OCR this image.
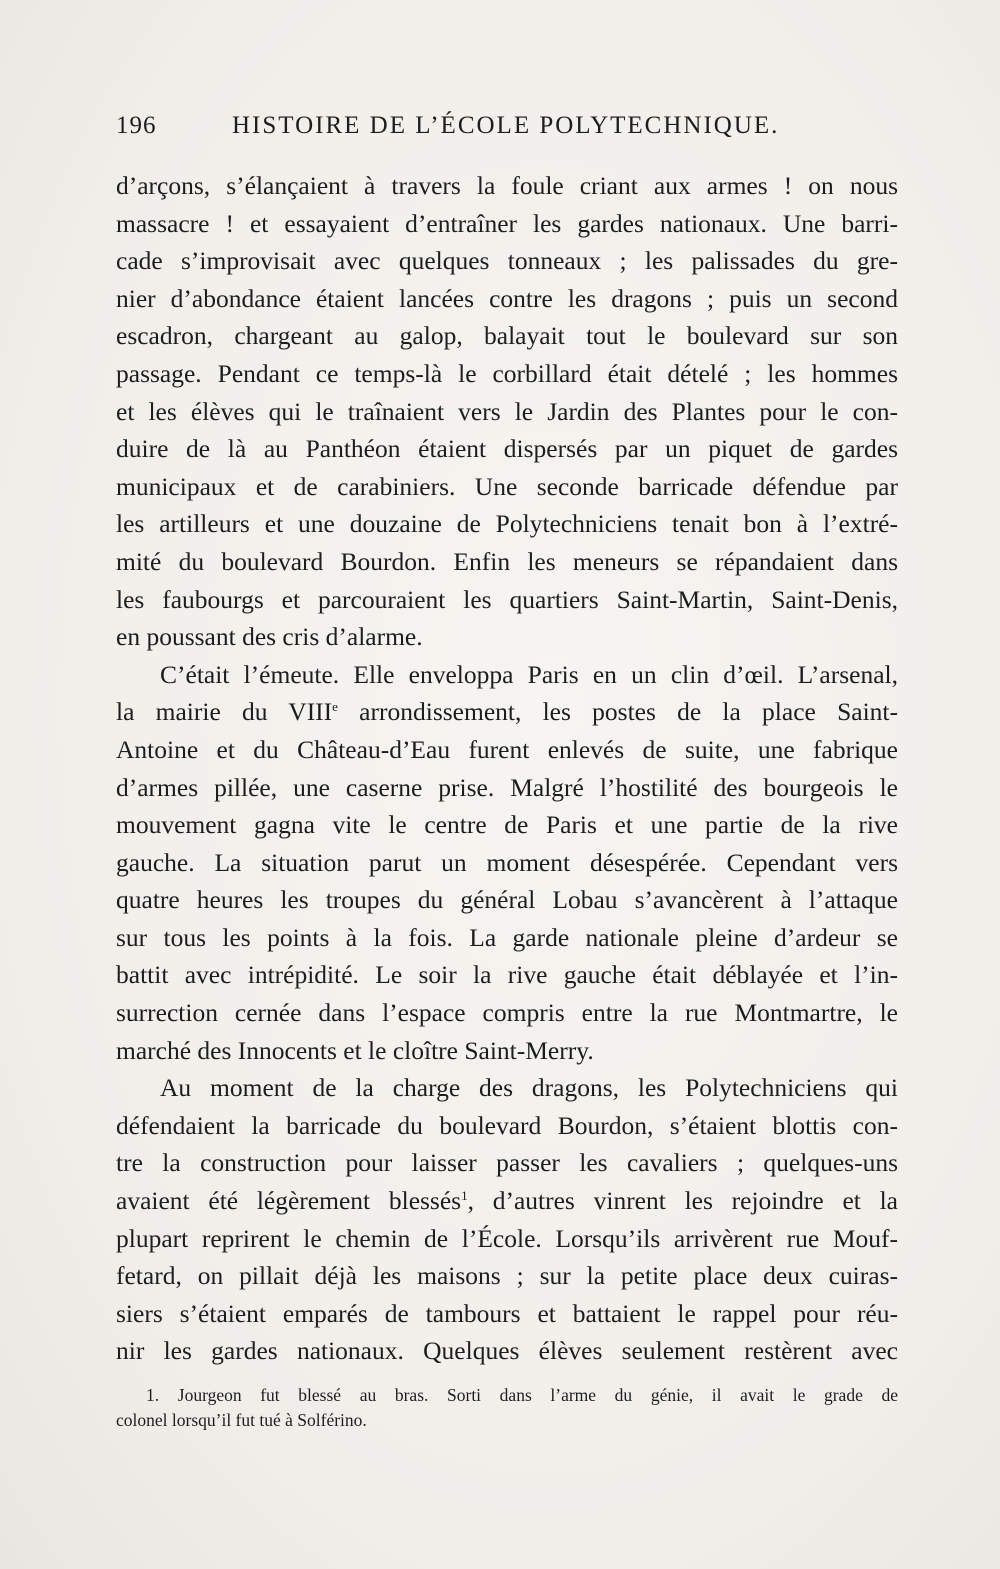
196	HISTOIRE DE L’ÉCOLE POLYTECHNIQUE.
d’arçons, s’élançaient à travers la foule criant aux armes ! on nous
massacre ! et essayaient d’entraîner les gardes nationaux. Une barri-
cade s’improvisait avec quelques tonneaux ; les palissades du gre-
nier d’abondance étaient lancées contre les dragons ; puis un second
escadron, chargeant au galop, balayait tout le boulevard sur son
passage. Pendant ce temps-là le corbillard était dételé ; les hommes
et les élèves qui le traînaient vers le Jardin des Plantes pour le con-
duire de là au Panthéon étaient dispersés par un piquet de gardes
municipaux et de carabiniers. Une seconde barricade défendue par
les artilleurs et une douzaine de Polytechniciens tenait bon à l’extré-
mité du boulevard Bourdon. Enfin les meneurs se répandaient dans
les faubourgs et parcouraient les quartiers Saint-Martin, Saint-Denis,
en poussant des cris d’alarme.
C’était l’émeute. Elle enveloppa Paris en un clin d’œil. L’arsenal,
la mairie du VIIIe arrondissement, les postes de la place Saint-
Antoine et du Château-d’Eau furent enlevés de suite, une fabrique
d’armes pillée, une caserne prise. Malgré l’hostilité des bourgeois le
mouvement gagna vite le centre de Paris et une partie de la rive
gauche. La situation parut un moment désespérée. Cependant vers
quatre heures les troupes du général Lobau s’avancèrent à l’attaque
sur tous les points à la fois. La garde nationale pleine d’ardeur se
battit avec intrépidité. Le soir la rive gauche était déblayée et l’in-
surrection cernée dans l’espace compris entre la rue Montmartre, le
marché des Innocents et le cloître Saint-Merry.
Au moment de la charge des dragons, les Polytechniciens qui
défendaient la barricade du boulevard Bourdon, s’étaient blottis con-
tre la construction pour laisser passer les cavaliers ; quelques-uns
avaient été légèrement blessés$^1$, d’autres vinrent les rejoindre et la
plupart reprirent le chemin de l’École. Lorsqu’ils arrivèrent rue Mouf-
fetard, on pillait déjà les maisons ; sur la petite place deux cuiras-
siers s’étaient emparés de tambours et battaient le rappel pour réu-
nir les gardes nationaux. Quelques élèves seulement restèrent avec
1. Jourgeon fut blessé au bras. Sorti dans l’arme du génie, il avait le grade de
colonel lorsqu’il fut tué à Solférino.
